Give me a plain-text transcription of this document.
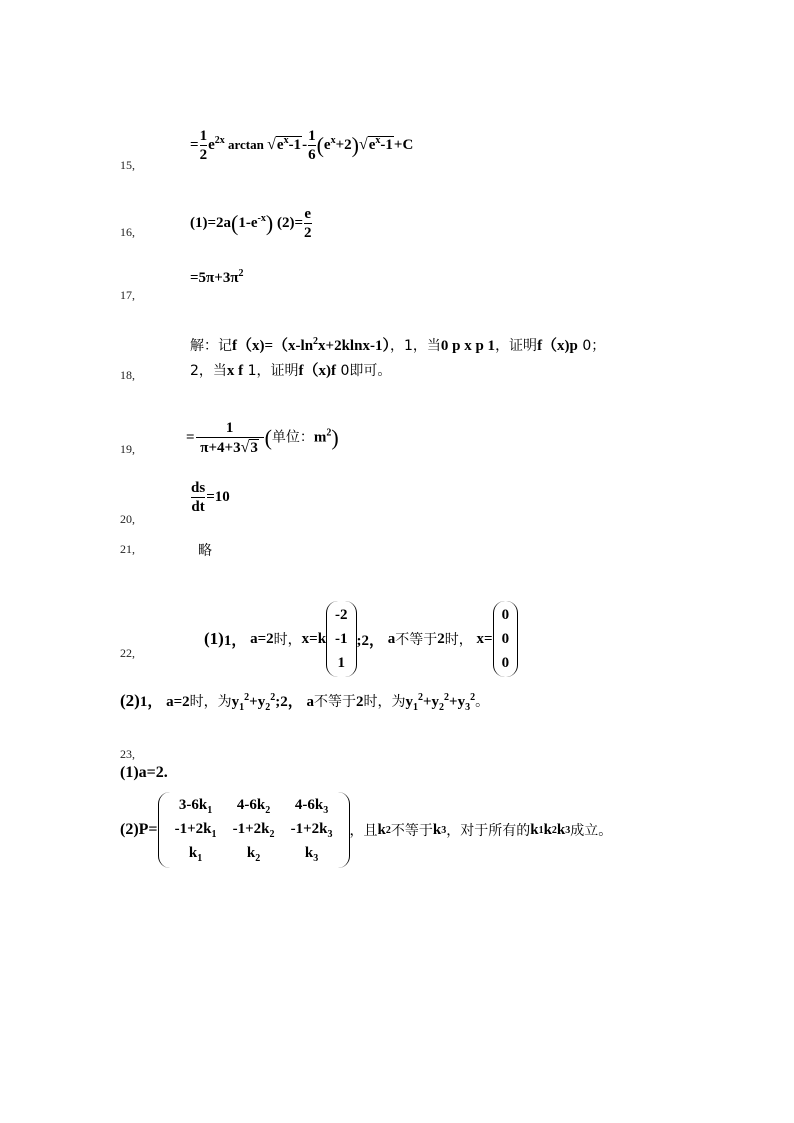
15,
= $\frac{1}{2} e^{2x}$ $\arctan √e^x-1- \frac{1}{6} (e^x+2)√e^x-1+C$
16,
$(1)=2a(1-e^{-x})$ $(2)= \frac{e}{2}$
17,
$=5\pi+3\pi^2$
18,
解：记$f(x)=(x-\ln^2x+2klnx-1)$，1，当0 p x p 1，证明f（x)p 0；
2，当x f 1，证明f（x)f 0即可。
19,
= $\frac{1}{\pi+4+3√3}$ (单位：$m^2$)
20,
$\frac{ds}{dt} =10$
21,	略
22,
(1) 1，
a=2 时， x=k
-2
-1
1
;2，
a 不等于 2 时，
x=
0
0
0
(2)1， a=2时，为$y_1^2+y_2^2;2$， a不等于2时，为$y_1^2+y_2^2+y_3^2$。
23,
(1)a=2.
(2)P=
$3-6k_1$	$4-6k_2$	$4-6k_3$
$-1+2k_1$	$-1+2k_2$	$-1+2k_3$
$k_1$	$k_2$	$k_3$
，且 k 2 不等于 k 3 ，对于所有的 k 1 k 2 k 3 成立。
